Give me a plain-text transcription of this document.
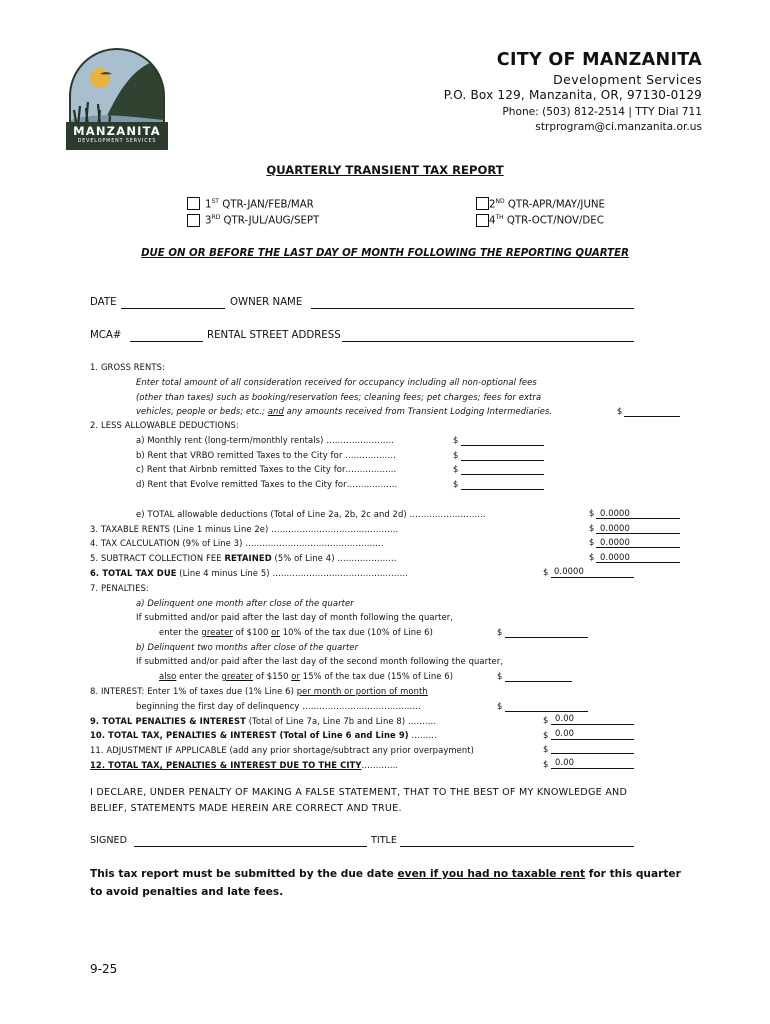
MANZANITA
DEVELOPMENT SERVICES
CITY OF MANZANITA
Development Services
P.O. Box 129, Manzanita, OR, 97130-0129
Phone: (503) 812-2514 | TTY Dial 711
strprogram@ci.manzanita.or.us
QUARTERLY TRANSIENT TAX REPORT
1ST QTR-JAN/FEB/MAR
3RD QTR-JUL/AUG/SEPT
2ND QTR-APR/MAY/JUNE
4TH QTR-OCT/NOV/DEC
DUE ON OR BEFORE THE LAST DAY OF MONTH FOLLOWING THE REPORTING QUARTER
DATE	OWNER NAME
MCA#	RENTAL STREET ADDRESS
1. GROSS RENTS:
Enter total amount of all consideration received for occupancy including all non-optional fees
(other than taxes) such as booking/reservation fees; cleaning fees; pet charges; fees for extra
vehicles, people or beds; etc.; and any amounts received from Transient Lodging Intermediaries.	$
2. LESS ALLOWABLE DEDUCTIONS:
a) Monthly rent (long-term/monthly rentals) ……………………	$
b) Rent that VRBO remitted Taxes to the City for ………………	$
c) Rent that Airbnb remitted Taxes to the City for………………	$
d) Rent that Evolve remitted Taxes to the City for………………	$
e) TOTAL allowable deductions (Total of Line 2a, 2b, 2c and 2d) ………………………	$ 0.0000
3. TAXABLE RENTS (Line 1 minus Line 2e) ………………………………………	$ 0.0000
4. TAX CALCULATION (9% of Line 3) ………………………………………….	$ 0.0000
5. SUBTRACT COLLECTION FEE RETAINED (5% of Line 4) …………………	$ 0.0000
6. TOTAL TAX DUE (Line 4 minus Line 5) …………………………………………	$ 0.0000
7. PENALTIES:
a) Delinquent one month after close of the quarter
If submitted and/or paid after the last day of month following the quarter,
enter the greater of $100 or 10% of the tax due (10% of Line 6)	$
b) Delinquent two months after close of the quarter
If submitted and/or paid after the last day of the second month following the quarter,
also enter the greater of $150 or 15% of the tax due (15% of Line 6)	$
8. INTEREST: Enter 1% of taxes due (1% Line 6) per month or portion of month
beginning the first day of delinquency ……………………………………	$
9. TOTAL PENALTIES & INTEREST (Total of Line 7a, Line 7b and Line 8) ……….	$ 0.00
10. TOTAL TAX, PENALTIES & INTEREST (Total of Line 6 and Line 9) ………	$ 0.00
11. ADJUSTMENT IF APPLICABLE (add any prior shortage/subtract any prior overpayment)	$
12. TOTAL TAX, PENALTIES & INTEREST DUE TO THE CITY………….	$ 0.00
I DECLARE, UNDER PENALTY OF MAKING A FALSE STATEMENT, THAT TO THE BEST OF MY KNOWLEDGE AND
BELIEF, STATEMENTS MADE HEREIN ARE CORRECT AND TRUE.
SIGNED	TITLE
This tax report must be submitted by the due date even if you had no taxable rent for this quarter
to avoid penalties and late fees.
9-25
